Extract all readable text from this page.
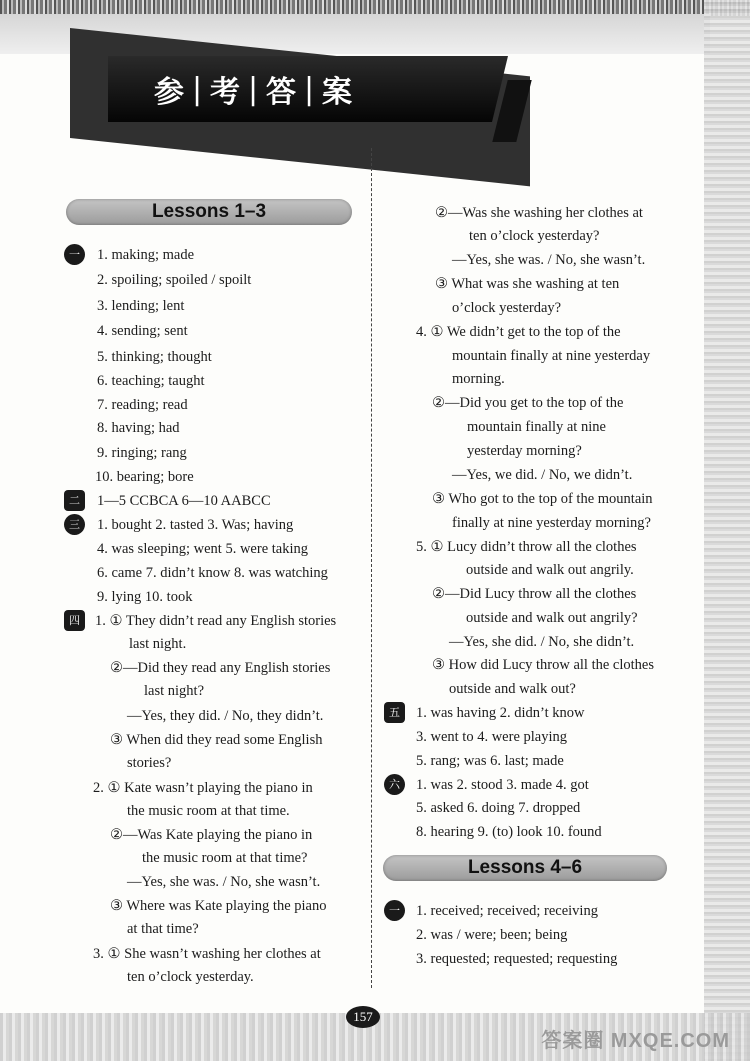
参 | 考 | 答 | 案
Lessons 1–3
Lessons 4–6
一
二
三
四
五
六
一
1. making; made
2. spoiling; spoiled / spoilt
3. lending; lent
4. sending; sent
5. thinking; thought
6. teaching; taught
7. reading; read
8. having; had
9. ringing; rang
10. bearing; bore
1—5 CCBCA 6—10 AABCC
1. bought 2. tasted 3. Was; having
4. was sleeping; went 5. were taking
6. came 7. didn’t know 8. was watching
9. lying 10. took
1. ① They didn’t read any English stories
last night.
②—Did they read any English stories
last night?
—Yes, they did. / No, they didn’t.
③ When did they read some English
stories?
2. ① Kate wasn’t playing the piano in
the music room at that time.
②—Was Kate playing the piano in
the music room at that time?
—Yes, she was. / No, she wasn’t.
③ Where was Kate playing the piano
at that time?
3. ① She wasn’t washing her clothes at
ten o’clock yesterday.
②—Was she washing her clothes at
ten o’clock yesterday?
—Yes, she was. / No, she wasn’t.
③ What was she washing at ten
o’clock yesterday?
4. ① We didn’t get to the top of the
mountain finally at nine yesterday
morning.
②—Did you get to the top of the
mountain finally at nine
yesterday morning?
—Yes, we did. / No, we didn’t.
③ Who got to the top of the mountain
finally at nine yesterday morning?
5. ① Lucy didn’t throw all the clothes
outside and walk out angrily.
②—Did Lucy throw all the clothes
outside and walk out angrily?
—Yes, she did. / No, she didn’t.
③ How did Lucy throw all the clothes
outside and walk out?
1. was having 2. didn’t know
3. went to 4. were playing
5. rang; was 6. last; made
1. was 2. stood 3. made 4. got
5. asked 6. doing 7. dropped
8. hearing 9. (to) look 10. found
1. received; received; receiving
2. was / were; been; being
3. requested; requested; requesting
157
答案圈 MXQE.COM
